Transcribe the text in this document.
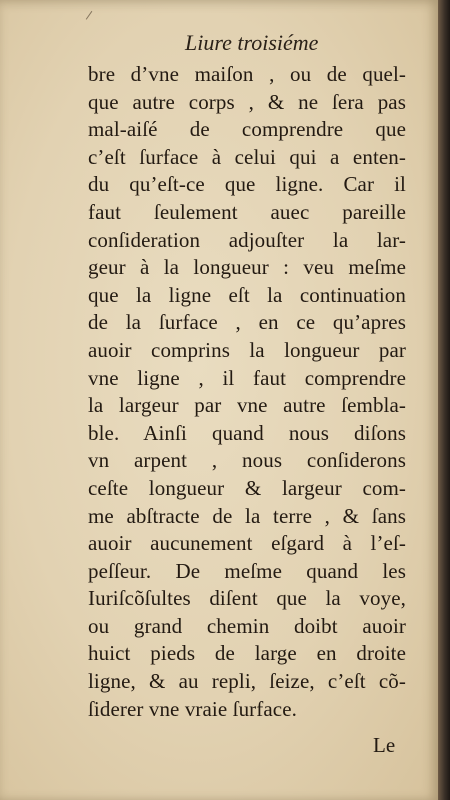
Liure troisiéme
bre d’vne maiſon , ou de quel-
que autre corps , & ne ſera pas
mal-aiſé de comprendre que
c’eſt ſurface à celui qui a enten-
du qu’eſt-ce que ligne. Car il
faut ſeulement auec pareille
conſideration adjouſter la lar-
geur à la longueur : veu meſme
que la ligne eſt la continuation
de la ſurface , en ce qu’apres
auoir comprins la longueur par
vne ligne , il faut comprendre
la largeur par vne autre ſembla-
ble. Ainſi quand nous diſons
vn arpent , nous conſiderons
ceſte longueur & largeur com-
me abſtracte de la terre , & ſans
auoir aucunement eſgard à l’eſ-
peſſeur. De meſme quand les
Iuriſcõſultes diſent que la voye,
ou grand chemin doibt auoir
huict pieds de large en droite
ligne, & au repli, ſeize, c’eſt cõ-
ſiderer vne vraie ſurface.
Le
